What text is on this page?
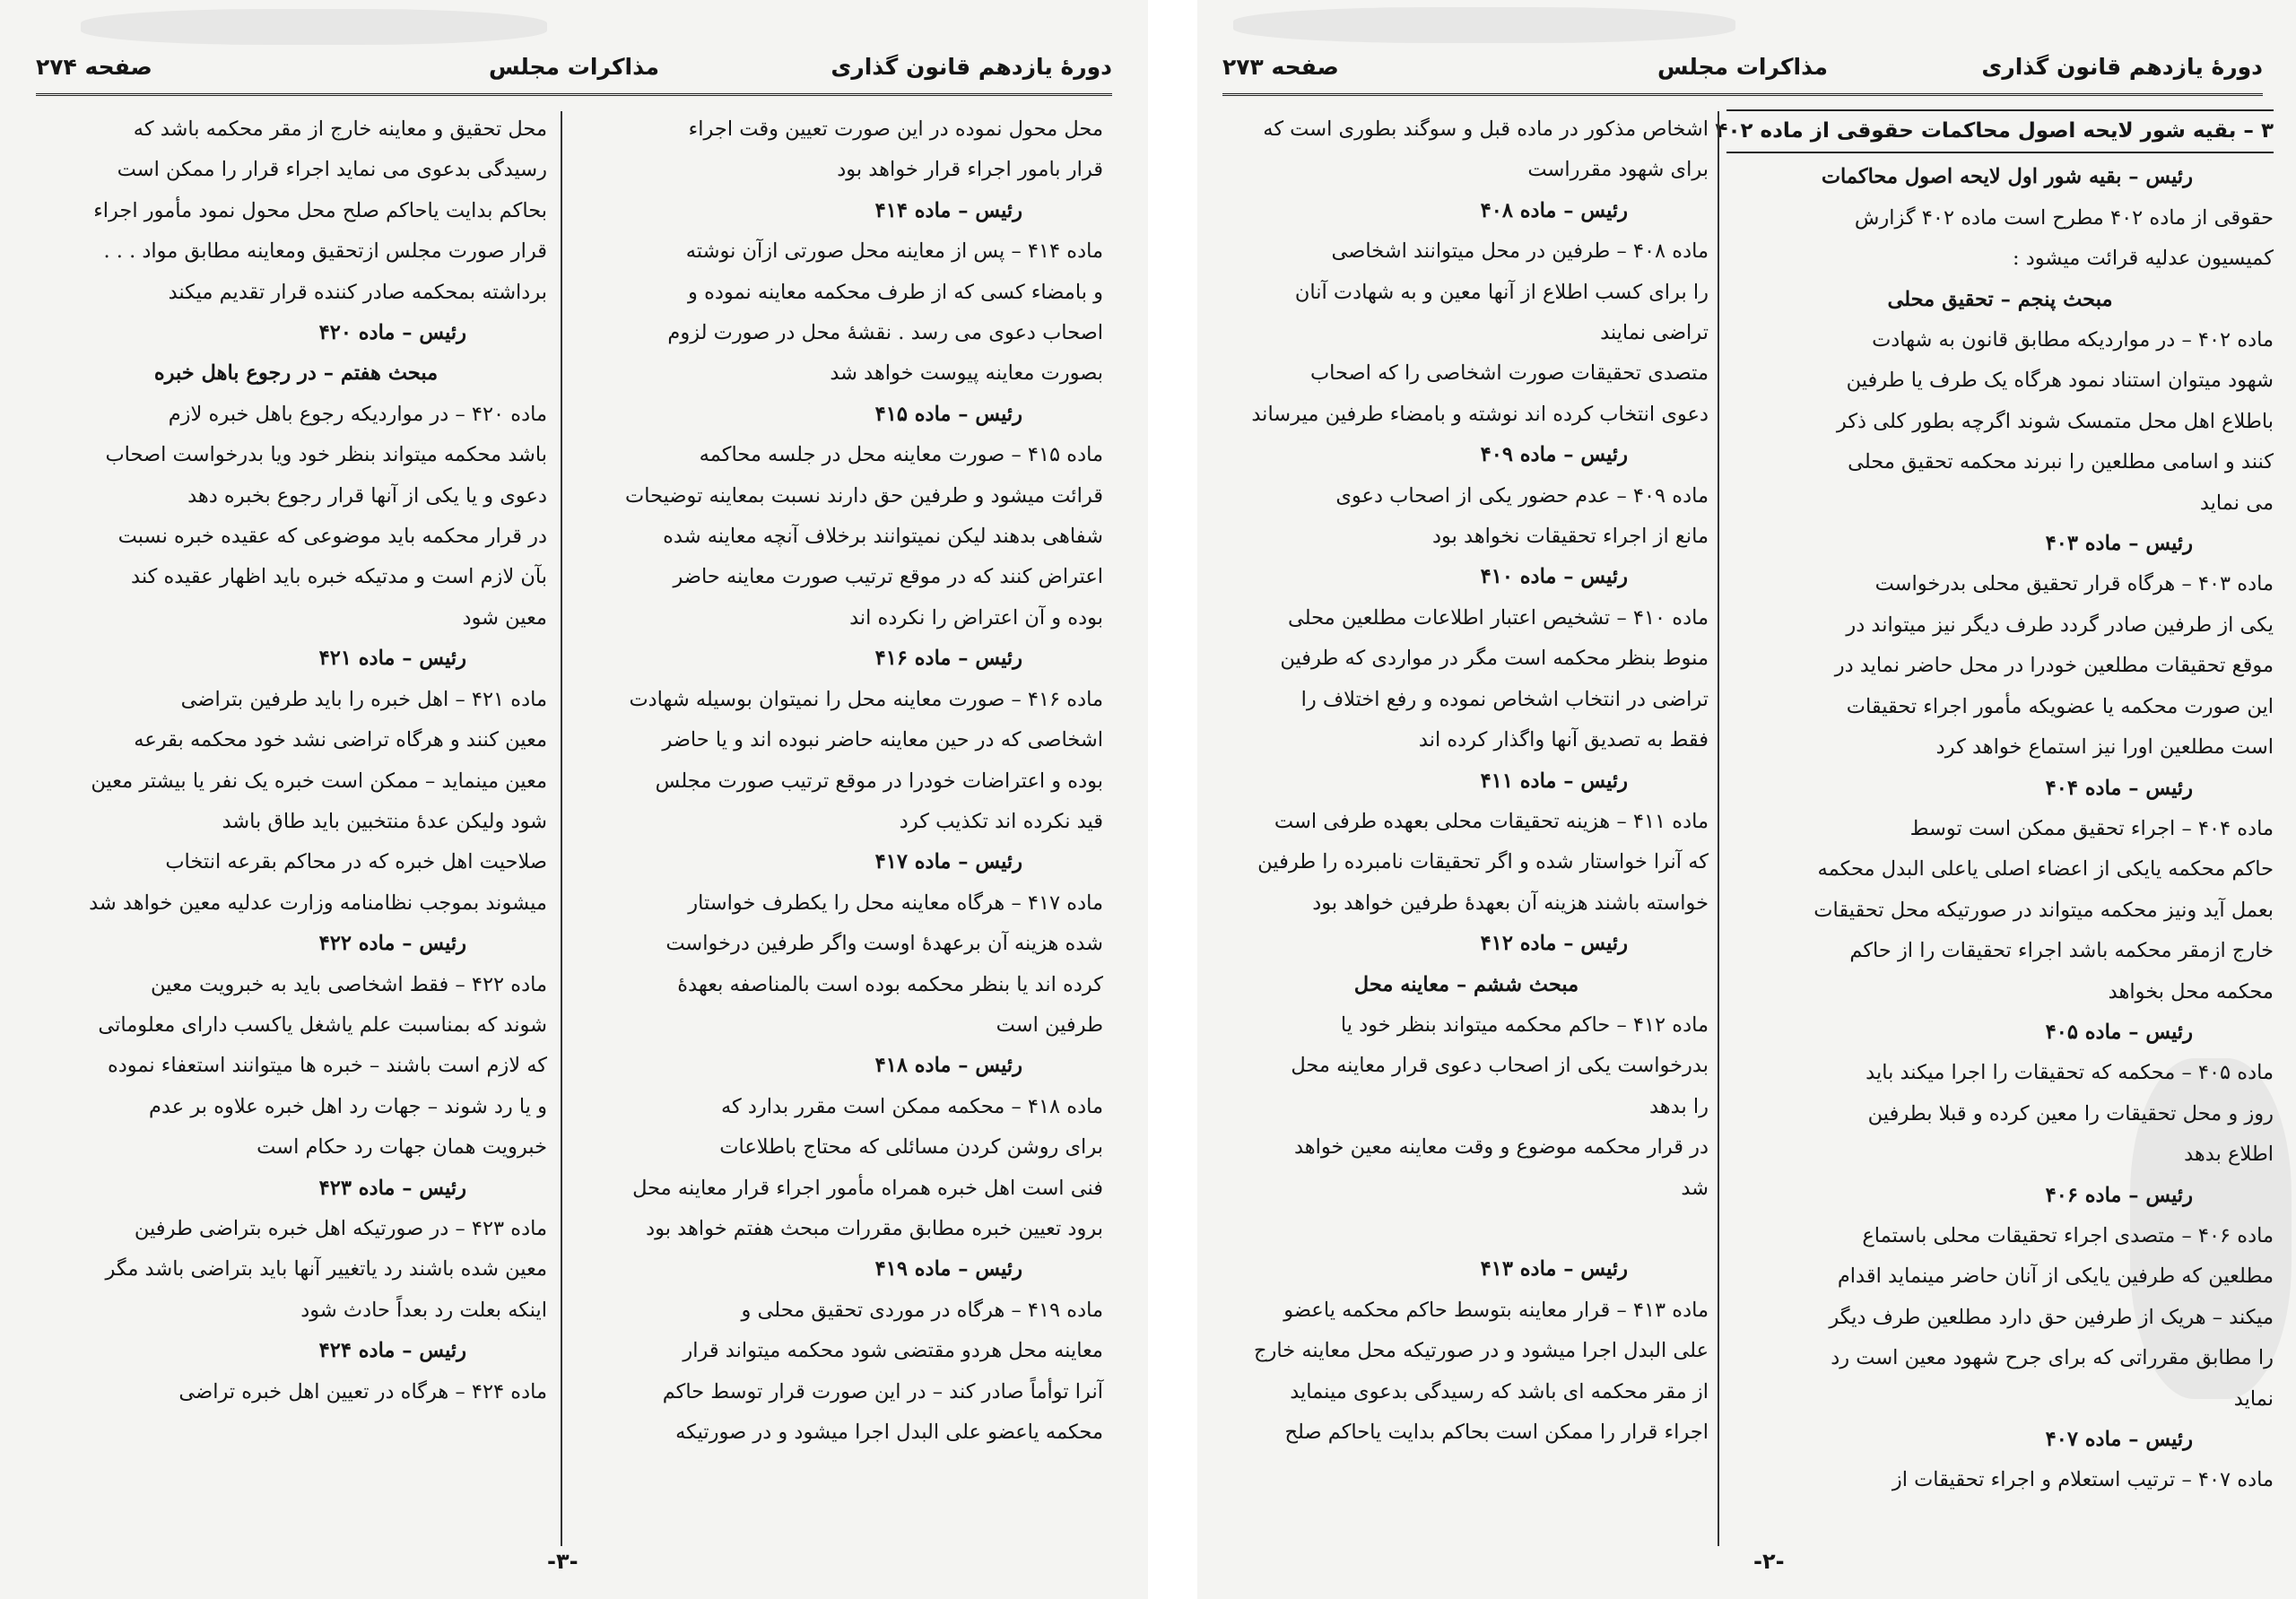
دورهٔ یازدهم قانون گذاری
مذاکرات مجلس
صفحه ۲۷۴
محل محول نموده در این صورت تعیین وقت اجراء
قرار بامور اجراء قرار خواهد بود
رئیس – ماده ۴۱۴
ماده ۴۱۴ – پس از معاینه محل صورتی ازآن نوشته
و بامضاء کسی که از طرف محکمه معاینه نموده و
اصحاب دعوی می رسد . نقشهٔ محل در صورت لزوم
بصورت معاینه پیوست خواهد شد
رئیس – ماده ۴۱۵
ماده ۴۱۵ – صورت معاینه محل در جلسه محاکمه
قرائت میشود و طرفین حق دارند نسبت بمعاینه توضیحات
شفاهی بدهند لیکن نمیتوانند برخلاف آنچه معاینه شده
اعتراض کنند که در موقع ترتیب صورت معاینه حاضر
بوده و آن اعتراض را نکرده اند
رئیس – ماده ۴۱۶
ماده ۴۱۶ – صورت معاینه محل را نمیتوان بوسیله شهادت
اشخاصی که در حین معاینه حاضر نبوده اند و یا حاضر
بوده و اعتراضات خودرا در موقع ترتیب صورت مجلس
قید نکرده اند تکذیب کرد
رئیس – ماده ۴۱۷
ماده ۴۱۷ – هرگاه معاینه محل را یکطرف خواستار
شده هزینه آن برعهدهٔ اوست واگر طرفین درخواست
کرده اند یا بنظر محکمه بوده است بالمناصفه بعهدهٔ
طرفین است
رئیس – ماده ۴۱۸
ماده ۴۱۸ – محکمه ممکن است مقرر بدارد که
برای روشن کردن مسائلی که محتاج باطلاعات
فنی است اهل خبره همراه مأمور اجراء قرار معاینه محل
برود تعیین خبره مطابق مقررات مبحث هفتم خواهد بود
رئیس – ماده ۴۱۹
ماده ۴۱۹ – هرگاه در موردی تحقیق محلی و
معاینه محل هردو مقتضی شود محکمه میتواند قرار
آنرا توأماً صادر کند – در این صورت قرار توسط حاکم
محکمه یاعضو علی البدل اجرا میشود و در صورتیکه
محل تحقیق و معاینه خارج از مقر محکمه باشد که
رسیدگی بدعوی می نماید اجراء قرار را ممکن است
بحاکم بدایت یاحاکم صلح محل محول نمود مأمور اجراء
قرار صورت مجلس ازتحقیق ومعاینه مطابق مواد . . .
برداشته بمحکمه صادر کننده قرار تقدیم میکند
رئیس – ماده ۴۲۰
مبحث هفتم – در رجوع باهل خبره
ماده ۴۲۰ – در مواردیکه رجوع باهل خبره لازم
باشد محکمه میتواند بنظر خود ویا بدرخواست اصحاب
دعوی و یا یکی از آنها قرار رجوع بخبره دهد
در قرار محکمه باید موضوعی که عقیده خبره نسبت
بآن لازم است و مدتیکه خبره باید اظهار عقیده کند
معین شود
رئیس – ماده ۴۲۱
ماده ۴۲۱ – اهل خبره را باید طرفین بتراضی
معین کنند و هرگاه تراضی نشد خود محکمه بقرعه
معین مینماید – ممکن است خبره یک نفر یا بیشتر معین
شود ولیکن عدهٔ منتخبین باید طاق باشد
صلاحیت اهل خبره که در محاکم بقرعه انتخاب
میشوند بموجب نظامنامه وزارت عدلیه معین خواهد شد
رئیس – ماده ۴۲۲
ماده ۴۲۲ – فقط اشخاصی باید به خبرویت معین
شوند که بمناسبت علم یاشغل یاکسب دارای معلوماتی
که لازم است باشند – خبره ها میتوانند استعفاء نموده
و یا رد شوند – جهات رد اهل خبره علاوه بر عدم
خبرویت همان جهات رد حکام است
رئیس – ماده ۴۲۳
ماده ۴۲۳ – در صورتیکه اهل خبره بتراضی طرفین
معین شده باشند رد یاتغییر آنها باید بتراضی باشد مگر
اینکه بعلت رد بعداً حادث شود
رئیس – ماده ۴۲۴
ماده ۴۲۴ – هرگاه در تعیین اهل خبره تراضی
-۳-
دورهٔ یازدهم قانون گذاری
مذاکرات مجلس
صفحه ۲۷۳
۳ – بقیه شور لایحه اصول محاکمات حقوقی از ماده ۴۰۲
رئیس – بقیه شور اول لایحه اصول محاکمات
حقوقی از ماده ۴۰۲ مطرح است ماده ۴۰۲ گزارش
کمیسیون عدلیه قرائت میشود :
مبحث پنجم – تحقیق محلی
ماده ۴۰۲ – در مواردیکه مطابق قانون به شهادت
شهود میتوان استناد نمود هرگاه یک طرف یا طرفین
باطلاع اهل محل متمسک شوند اگرچه بطور کلی ذکر
کنند و اسامی مطلعین را نبرند محکمه تحقیق محلی
می نماید
رئیس – ماده ۴۰۳
ماده ۴۰۳ – هرگاه قرار تحقیق محلی بدرخواست
یکی از طرفین صادر گردد طرف دیگر نیز میتواند در
موقع تحقیقات مطلعین خودرا در محل حاضر نماید در
این صورت محکمه یا عضویکه مأمور اجراء تحقیقات
است مطلعین اورا نیز استماع خواهد کرد
رئیس – ماده ۴۰۴
ماده ۴۰۴ – اجراء تحقیق ممکن است توسط
حاکم محکمه یایکی از اعضاء اصلی یاعلی البدل محکمه
بعمل آید ونیز محکمه میتواند در صورتیکه محل تحقیقات
خارج ازمقر محکمه باشد اجراء تحقیقات را از حاکم
محکمه محل بخواهد
رئیس – ماده ۴۰۵
ماده ۴۰۵ – محکمه که تحقیقات را اجرا میکند باید
روز و محل تحقیقات را معین کرده و قبلا بطرفین
اطلاع بدهد
رئیس – ماده ۴۰۶
ماده ۴۰۶ – متصدی اجراء تحقیقات محلی باستماع
مطلعین که طرفین یایکی از آنان حاضر مینماید اقدام
میکند – هریک از طرفین حق دارد مطلعین طرف دیگر
را مطابق مقرراتی که برای جرح شهود معین است رد
نماید
رئیس – ماده ۴۰۷
ماده ۴۰۷ – ترتیب استعلام و اجراء تحقیقات از
اشخاص مذکور در ماده قبل و سوگند بطوری است که
برای شهود مقرراست
رئیس – ماده ۴۰۸
ماده ۴۰۸ – طرفین در محل میتوانند اشخاصی
را برای کسب اطلاع از آنها معین و به شهادت آنان
تراضی نمایند
متصدی تحقیقات صورت اشخاصی را که اصحاب
دعوی انتخاب کرده اند نوشته و بامضاء طرفین میرساند
رئیس – ماده ۴۰۹
ماده ۴۰۹ – عدم حضور یکی از اصحاب دعوی
مانع از اجراء تحقیقات نخواهد بود
رئیس – ماده ۴۱۰
ماده ۴۱۰ – تشخیص اعتبار اطلاعات مطلعین محلی
منوط بنظر محکمه است مگر در مواردی که طرفین
تراضی در انتخاب اشخاص نموده و رفع اختلاف را
فقط به تصدیق آنها واگذار کرده اند
رئیس – ماده ۴۱۱
ماده ۴۱۱ – هزینه تحقیقات محلی بعهده طرفی است
که آنرا خواستار شده و اگر تحقیقات نامبرده را طرفین
خواسته باشند هزینه آن بعهدهٔ طرفین خواهد بود
رئیس – ماده ۴۱۲
مبحث ششم – معاینه محل
ماده ۴۱۲ – حاکم محکمه میتواند بنظر خود یا
بدرخواست یکی از اصحاب دعوی قرار معاینه محل
را بدهد
در قرار محکمه موضوع و وقت معاینه معین خواهد
شد

رئیس – ماده ۴۱۳
ماده ۴۱۳ – قرار معاینه بتوسط حاکم محکمه یاعضو
علی البدل اجرا میشود و در صورتیکه محل معاینه خارج
از مقر محکمه ای باشد که رسیدگی بدعوی مینماید
اجراء قرار را ممکن است بحاکم بدایت یاحاکم صلح
-۲-
